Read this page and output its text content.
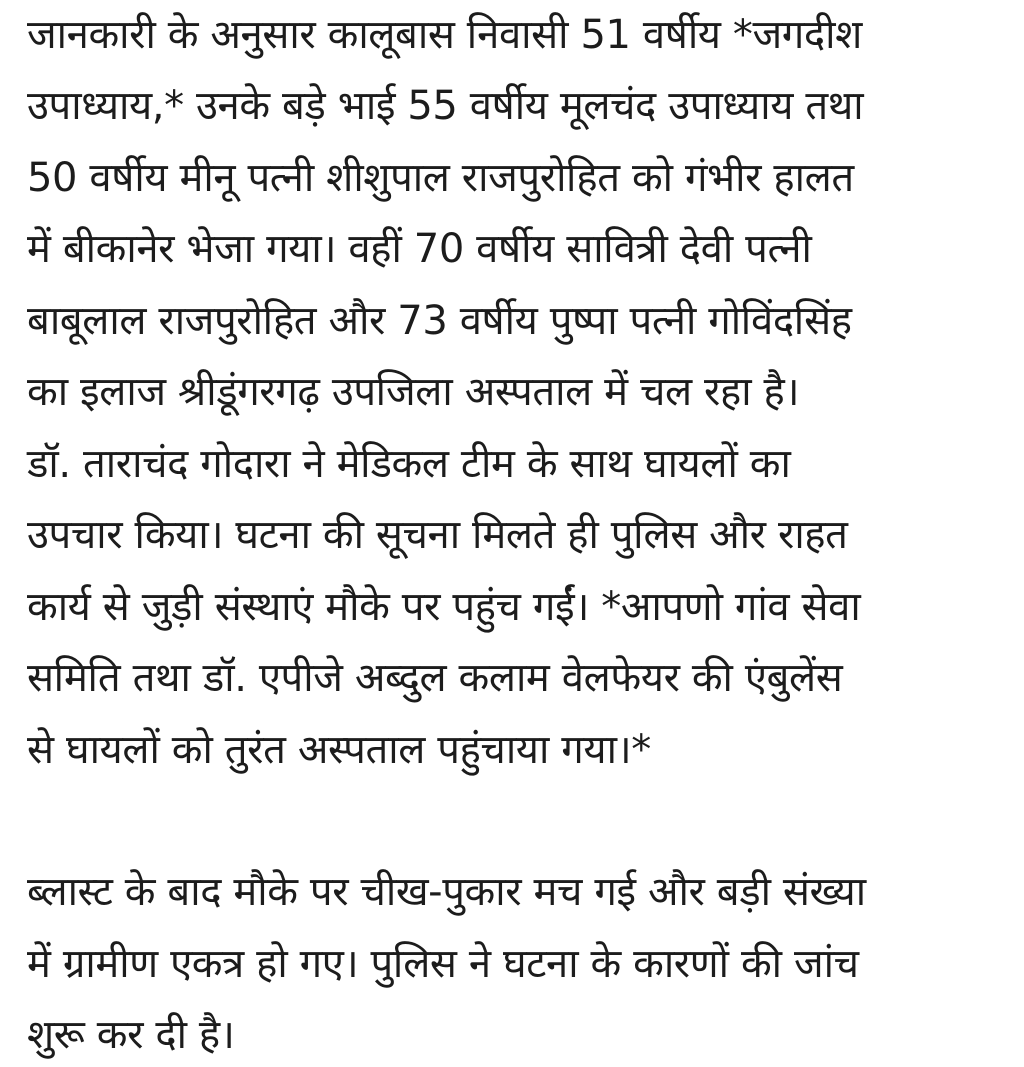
जानकारी के अनुसार कालूबास निवासी 51 वर्षीय *जगदीश
उपाध्याय,* उनके बड़े भाई 55 वर्षीय मूलचंद उपाध्याय तथा
50 वर्षीय मीनू पत्नी शीशुपाल राजपुरोहित को गंभीर हालत
में बीकानेर भेजा गया। वहीं 70 वर्षीय सावित्री देवी पत्नी
बाबूलाल राजपुरोहित और 73 वर्षीय पुष्पा पत्नी गोविंदसिंह
का इलाज श्रीडूंगरगढ़ उपजिला अस्पताल में चल रहा है।
डॉ. ताराचंद गोदारा ने मेडिकल टीम के साथ घायलों का
उपचार किया। घटना की सूचना मिलते ही पुलिस और राहत
कार्य से जुड़ी संस्थाएं मौके पर पहुंच गईं। *आपणो गांव सेवा
समिति तथा डॉ. एपीजे अब्दुल कलाम वेलफेयर की एंबुलेंस
से घायलों को तुरंत अस्पताल पहुंचाया गया।*
ब्लास्ट के बाद मौके पर चीख-पुकार मच गई और बड़ी संख्या
में ग्रामीण एकत्र हो गए। पुलिस ने घटना के कारणों की जांच
शुरू कर दी है।
